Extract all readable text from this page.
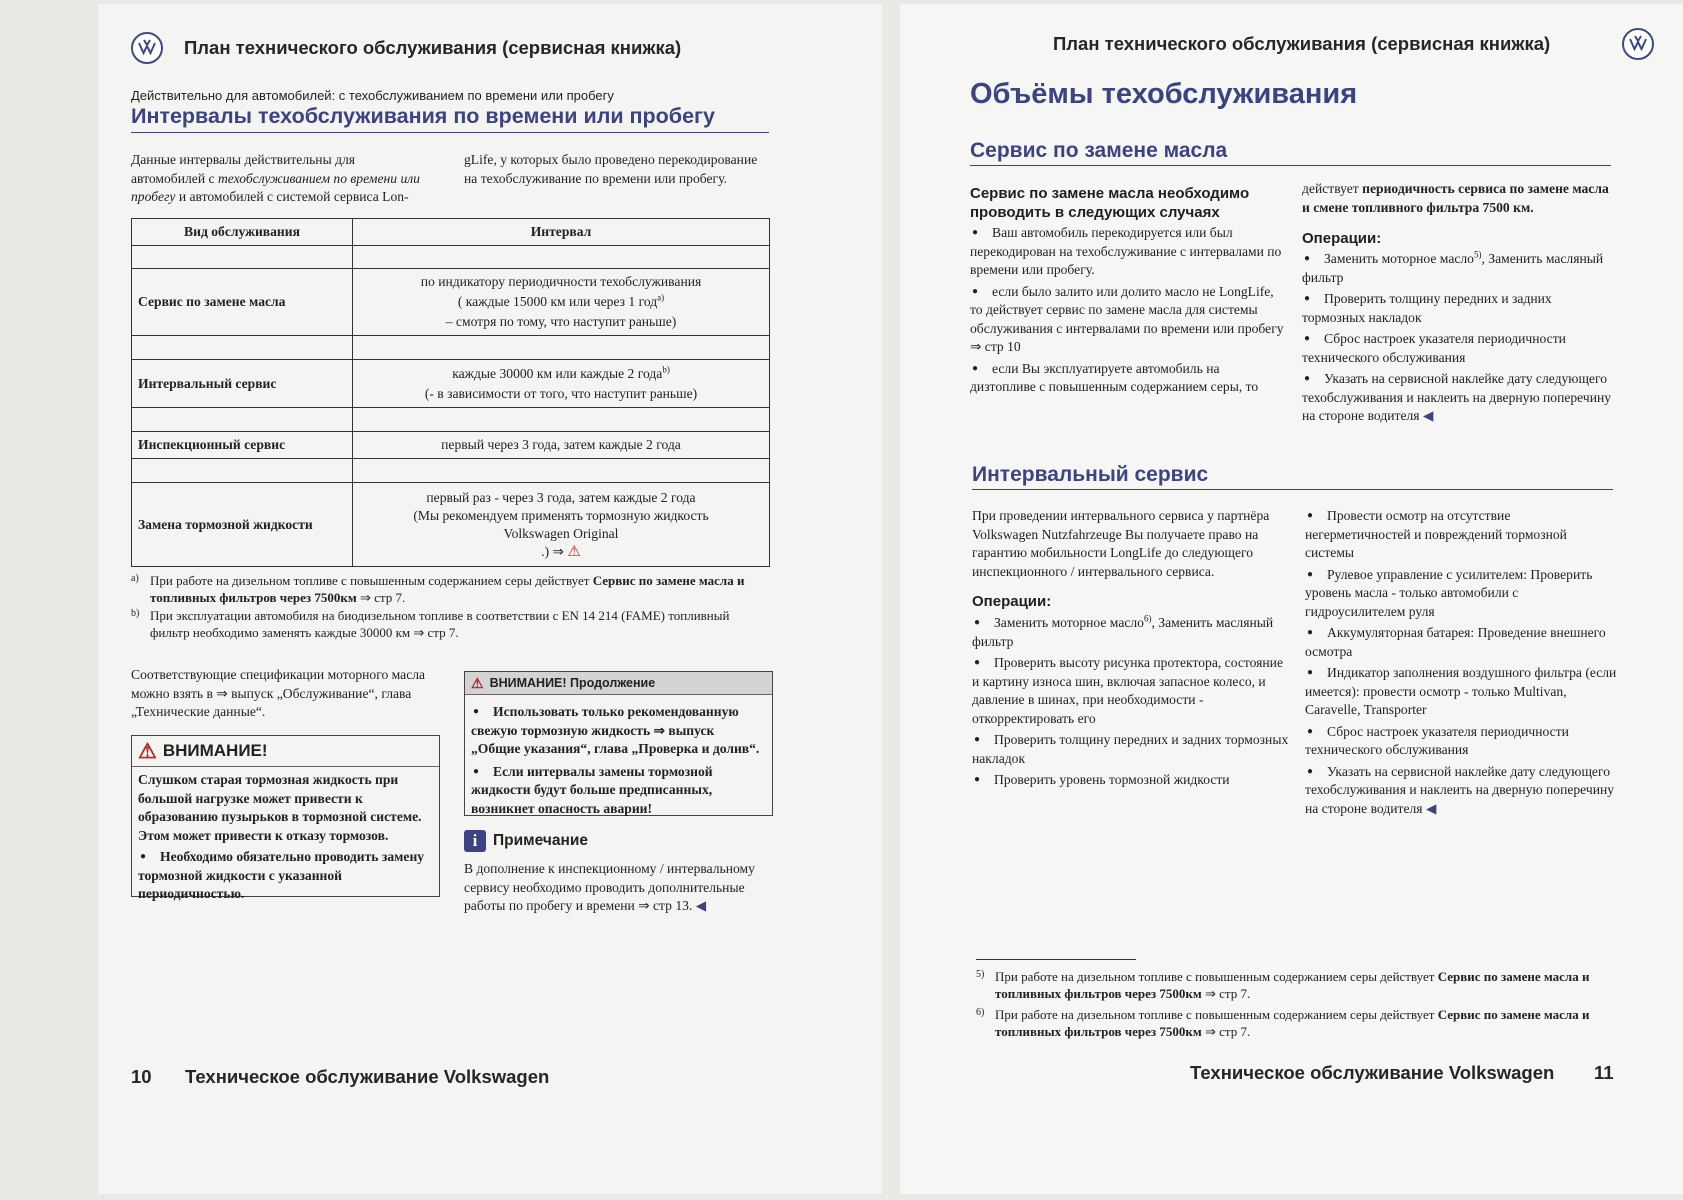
План технического обслуживания (сервисная книжка)
Действительно для автомобилей: с техобслуживанием по времени или пробегу
Интервалы техобслуживания по времени или пробегу
Данные интервалы действительны для
автомобилей с техобслуживанием по времени или
пробегу и автомобилей с системой сервиса Lon-
gLife, у которых было проведено перекодирование на техобслуживание по времени или пробегу.
Вид обслуживания	Интервал

Сервис по замене масла	по индикатору периодичности техобслуживания
( каждые 15000 км или через 1 год$^{a)}$
– смотря по тому, что наступит раньше)

Интервальный сервис	каждые 30000 км или каждые 2 года$^{b)}$
(- в зависимости от того, что наступит раньше)

Инспекционный сервис	первый через 3 года, затем каждые 2 года

Замена тормозной жидкости	первый раз - через 3 года, затем каждые 2 года
(Мы рекомендуем применять тормозную жидкость
Volkswagen Original
.) ⇒ ⚠
a) При работе на дизельном топливе с повышенным содержанием серы действует Сервис по замене масла и топливных фильтров через 7500км ⇒ стр 7.
b) При эксплуатации автомобиля на биодизельном топливе в соответствии с EN 14 214 (FAME) топливный фильтр необходимо заменять каждые 30000 км ⇒ стр 7.
Соответствующие спецификации моторного масла можно взять в ⇒ выпуск „Обслуживание“, глава „Технические данные“.
⚠ ВНИМАНИЕ!
Слушком старая тормозная жидкость при большой нагрузке может привести к образованию пузырьков в тормозной системе. Этом может привести к отказу тормозов.
● Необходимо обязательно проводить замену тормозной жидкости с указанной периодичностью.
⚠ ВНИМАНИЕ! Продолжение
● Использовать только рекомендованную свежую тормозную жидкость ⇒ выпуск „Общие указания“, глава „Проверка и долив“.
● Если интервалы замены тормозной жидкости будут больше предписанных, возникнет опасность аварии!
i	Примечание
В дополнение к инспекционному / интервальному сервису необходимо проводить дополнительные работы по пробегу и времени ⇒ стр 13. ◀
10 Техническое обслуживание Volkswagen
План технического обслуживания (сервисная книжка)
Объёмы техобслуживания
Сервис по замене масла
Сервис по замене масла необходимо проводить в следующих случаях
● Ваш автомобиль перекодируется или был перекодирован на техобслуживание с интервалами по времени или пробегу.
● если было залито или долито масло не LongLife, то действует сервис по замене масла для системы обслуживания с интервалами по времени или пробегу ⇒ стр 10
● если Вы эксплуатируете автомобиль на дизтопливе с повышенным содержанием серы, то
действует периодичность сервиса по замене масла и смене топливного фильтра 7500 км.
Операции:
● Заменить моторное масло$^{5)}$, Заменить масляный фильтр
● Проверить толщину передних и задних тормозных накладок
● Сброс настроек указателя периодичности технического обслуживания
● Указать на сервисной наклейке дату следующего техобслуживания и наклеить на дверную поперечину на стороне водителя ◀
Интервальный сервис
При проведении интервального сервиса у партнёра Volkswagen Nutzfahrzeuge Вы получаете право на гарантию мобильности LongLife до следующего инспекционного / интервального сервиса.
Операции:
● Заменить моторное масло$^{6)}$, Заменить масляный фильтр
● Проверить высоту рисунка протектора, состояние и картину износа шин, включая запасное колесо, и давление в шинах, при необходимости - откорректировать его
● Проверить толщину передних и задних тормозных накладок
● Проверить уровень тормозной жидкости
● Провести осмотр на отсутствие негерметичностей и повреждений тормозной системы
● Рулевое управление с усилителем: Проверить уровень масла - только автомобили с гидроусилителем руля
● Аккумуляторная батарея: Проведение внешнего осмотра
● Индикатор заполнения воздушного фильтра (если имеется): провести осмотр - только Multivan, Caravelle, Transporter
● Сброс настроек указателя периодичности технического обслуживания
● Указать на сервисной наклейке дату следующего техобслуживания и наклеить на дверную поперечину на стороне водителя ◀
5) При работе на дизельном топливе с повышенным содержанием серы действует Сервис по замене масла и топливных фильтров через 7500км ⇒ стр 7.
6) При работе на дизельном топливе с повышенным содержанием серы действует Сервис по замене масла и топливных фильтров через 7500км ⇒ стр 7.
Техническое обслуживание Volkswagen 11
